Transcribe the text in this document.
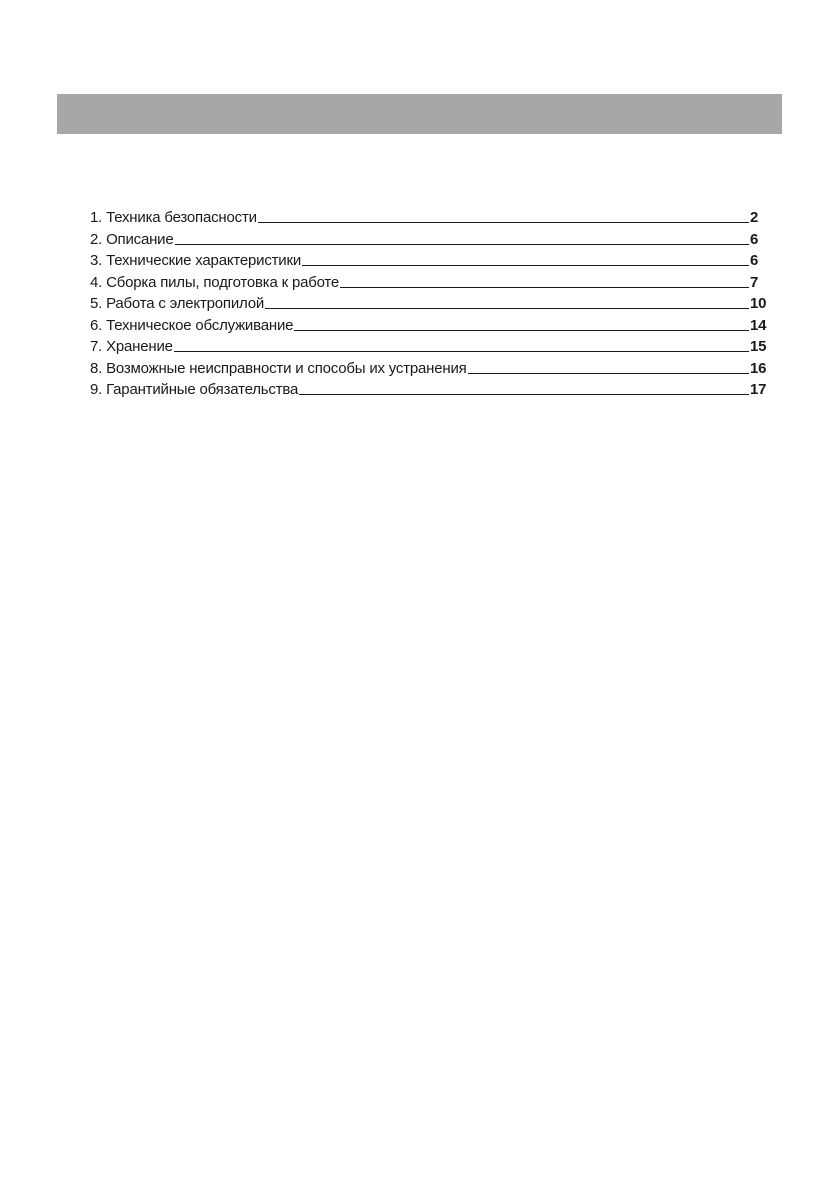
1. Техника безопасности	2
2. Описание	6
3. Технические характеристики	6
4. Сборка пилы, подготовка к работе	7
5. Работа с электропилой	10
6. Техническое обслуживание	14
7. Хранение	15
8. Возможные неисправности и способы их устранения	16
9. Гарантийные обязательства	17
